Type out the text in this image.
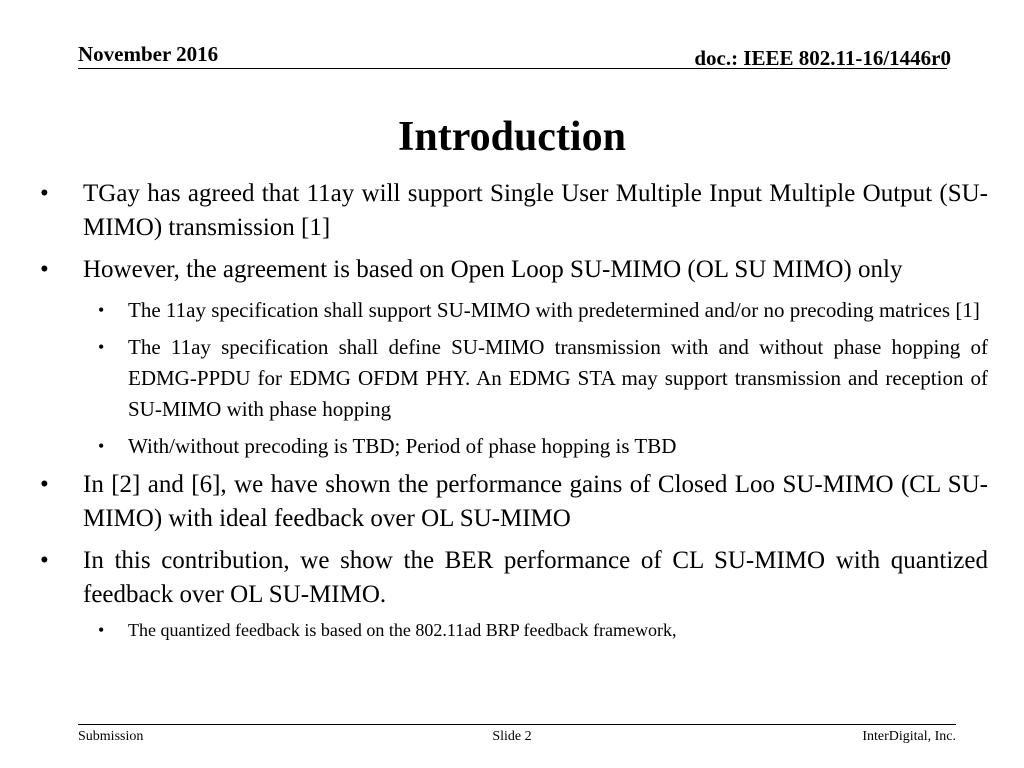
November 2016	doc.: IEEE 802.11-16/1446r0
Introduction
• TGay has agreed that 11ay will support Single User Multiple Input Multiple Output (SU-MIMO) transmission [1]
• However, the agreement is based on Open Loop SU-MIMO (OL SU MIMO) only
• The 11ay specification shall support SU-MIMO with predetermined and/or no precoding matrices [1]
• The 11ay specification shall define SU-MIMO transmission with and without phase hopping of EDMG-PPDU for EDMG OFDM PHY. An EDMG STA may support transmission and reception of SU-MIMO with phase hopping
• With/without precoding is TBD; Period of phase hopping is TBD
• In [2] and [6], we have shown the performance gains of Closed Loo SU-MIMO (CL SU-MIMO) with ideal feedback over OL SU-MIMO
• In this contribution, we show the BER performance of CL SU-MIMO with quantized feedback over OL SU-MIMO.
• The quantized feedback is based on the 802.11ad BRP feedback framework,
Submission	Slide 2	InterDigital, Inc.
